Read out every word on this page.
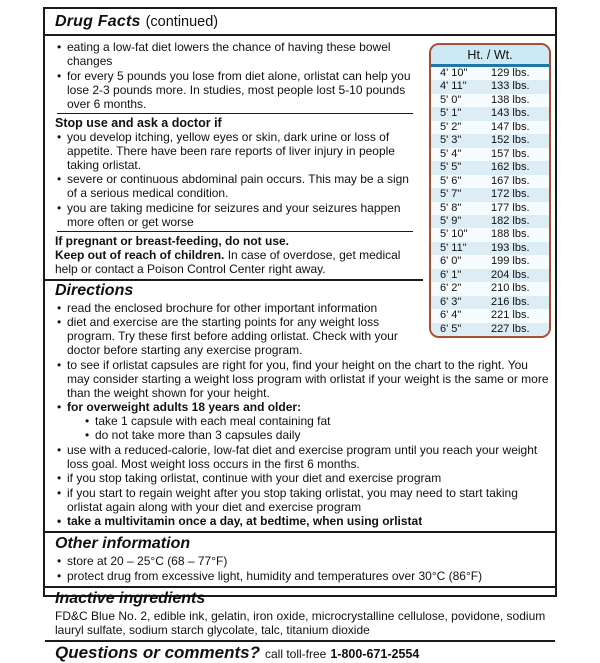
Drug Facts (continued)
Ht. / Wt.
4' 10"	129 lbs.
4' 11"	133 lbs.
5' 0"	138 lbs.
5' 1"	143 lbs.
5' 2"	147 lbs.
5' 3"	152 lbs.
5' 4"	157 lbs.
5' 5"	162 lbs.
5' 6"	167 lbs.
5' 7"	172 lbs.
5' 8"	177 lbs.
5' 9"	182 lbs.
5' 10"	188 lbs.
5' 11"	193 lbs.
6' 0"	199 lbs.
6' 1"	204 lbs.
6' 2"	210 lbs.
6' 3"	216 lbs.
6' 4"	221 lbs.
6' 5"	227 lbs.
• eating a low-fat diet lowers the chance of having these bowel changes
• for every 5 pounds you lose from diet alone, orlistat can help you lose 2-3 pounds more. In studies, most people lost 5-10 pounds over 6 months.
Stop use and ask a doctor if
• you develop itching, yellow eyes or skin, dark urine or loss of appetite. There have been rare reports of liver injury in people taking orlistat.
• severe or continuous abdominal pain occurs. This may be a sign of a serious medical condition.
• you are taking medicine for seizures and your seizures happen more often or get worse
If pregnant or breast-feeding, do not use.
Keep out of reach of children. In case of overdose, get medical help or contact a Poison Control Center right away.
Directions
• read the enclosed brochure for other important information
• diet and exercise are the starting points for any weight loss program. Try these first before adding orlistat. Check with your doctor before starting any exercise program.
• to see if orlistat capsules are right for you, find your height on the chart to the right. You may consider starting a weight loss program with orlistat if your weight is the same or more than the weight shown for your height.
• for overweight adults 18 years and older:
• take 1 capsule with each meal containing fat
• do not take more than 3 capsules daily
• use with a reduced-calorie, low-fat diet and exercise program until you reach your weight loss goal. Most weight loss occurs in the first 6 months.
• if you stop taking orlistat, continue with your diet and exercise program
• if you start to regain weight after you stop taking orlistat, you may need to start taking orlistat again along with your diet and exercise program
• take a multivitamin once a day, at bedtime, when using orlistat
Other information
• store at 20 – 25°C (68 – 77°F)
• protect drug from excessive light, humidity and temperatures over 30°C (86°F)
Inactive ingredients
FD&C Blue No. 2, edible ink, gelatin, iron oxide, microcrystalline cellulose, povidone, sodium lauryl sulfate, sodium starch glycolate, talc, titanium dioxide
Questions or comments? call toll-free 1-800-671-2554
